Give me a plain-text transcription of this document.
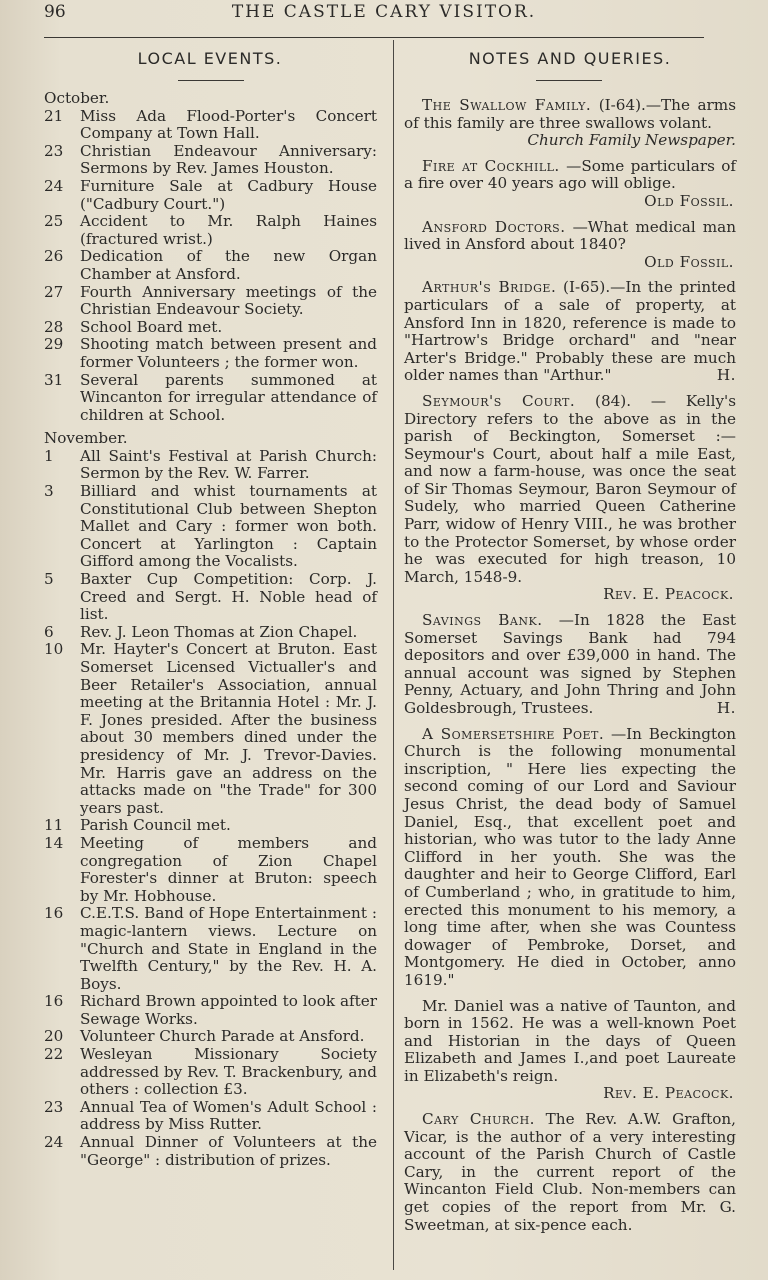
96	THE CASTLE CARY VISITOR.
LOCAL EVENTS.	NOTES AND QUERIES.

October.

21	Miss Ada Flood-Porter's Concert Company at Town Hall.
23	Christian Endeavour Anniversary: Sermons by Rev. James Houston.
24	Furniture Sale at Cadbury House ("Cadbury Court.")
25	Accident to Mr. Ralph Haines (fractured wrist.)
26	Dedication of the new Organ Chamber at Ansford.
27	Fourth Anniversary meetings of the Christian Endeavour Society.
28	School Board met.
29	Shooting match between present and former Volunteers ; the former won.
31	Several parents summoned at Wincanton for irregular attendance of children at School.

November.

1	All Saint's Festival at Parish Church: Sermon by the Rev. W. Farrer.
3	Billiard and whist tournaments at Constitutional Club between Shepton Mallet and Cary : former won both. Concert at Yarlington : Captain Gifford among the Vocalists.
5	Baxter Cup Competition: Corp. J. Creed and Sergt. H. Noble head of list.
6	Rev. J. Leon Thomas at Zion Chapel.
10	Mr. Hayter's Concert at Bruton. East Somerset Licensed Victualler's and Beer Retailer's Association, annual meeting at the Britannia Hotel : Mr. J. F. Jones presided. After the business about 30 members dined under the presidency of Mr. J. Trevor-Davies. Mr. Harris gave an address on the attacks made on "the Trade" for 300 years past.
11	Parish Council met.
14	Meeting of members and congregation of Zion Chapel Forester's dinner at Bruton: speech by Mr. Hobhouse.
16	C.E.T.S. Band of Hope Entertainment : magic-lantern views. Lecture on "Church and State in England in the Twelfth Century," by the Rev. H. A. Boys.
16	Richard Brown appointed to look after Sewage Works.
20	Volunteer Church Parade at Ansford.
22	Wesleyan Missionary Society addressed by Rev. T. Brackenbury, and others : collection £3.
23	Annual Tea of Women's Adult School : address by Miss Rutter.
24	Annual Dinner of Volunteers at the "George" : distribution of prizes.

The Swallow Family. (I-64).—The arms of this family are three swallows volant.
Church Family Newspaper.

Fire at Cockhill. —Some particulars of a fire over 40 years ago will oblige.

Old Fossil.

Ansford Doctors. —What medical man lived in Ansford about 1840?

Old Fossil.

Arthur's Bridge. (I-65).—In the printed particulars of a sale of property, at Ansford Inn in 1820, reference is made to "Hartrow's Bridge orchard" and "near Arter's Bridge." Probably these are much older names than "Arthur."	H.

Seymour's Court. (84). — Kelly's Directory refers to the above as in the parish of Beckington, Somerset :—Seymour's Court, about half a mile East, and now a farm-house, was once the seat of Sir Thomas Seymour, Baron Seymour of Sudely, who married Queen Catherine Parr, widow of Henry VIII., he was brother to the Protector Somerset, by whose order he was executed for high treason, 10 March, 1548-9.

Rev. E. Peacock.

Savings Bank. —In 1828 the East Somerset Savings Bank had 794 depositors and over £39,000 in hand. The annual account was signed by Stephen Penny, Actuary, and John Thring and John Goldesbrough, Trustees.	H.

A Somersetshire Poet. —In Beckington Church is the following monumental inscription, " Here lies expecting the second coming of our Lord and Saviour Jesus Christ, the dead body of Samuel Daniel, Esq., that excellent poet and historian, who was tutor to the lady Anne Clifford in her youth. She was the daughter and heir to George Clifford, Earl of Cumberland ; who, in gratitude to him, erected this monument to his memory, a long time after, when she was Countess dowager of Pembroke, Dorset, and Montgomery. He died in October, anno 1619."

Mr. Daniel was a native of Taunton, and born in 1562. He was a well-known Poet and Historian in the days of Queen Elizabeth and James I.,and poet Laureate in Elizabeth's reign.

Rev. E. Peacock.

Cary Church. The Rev. A.W. Grafton, Vicar, is the author of a very interesting account of the Parish Church of Castle Cary, in the current report of the Wincanton Field Club. Non-members can get copies of the report from Mr. G. Sweetman, at six-pence each.
